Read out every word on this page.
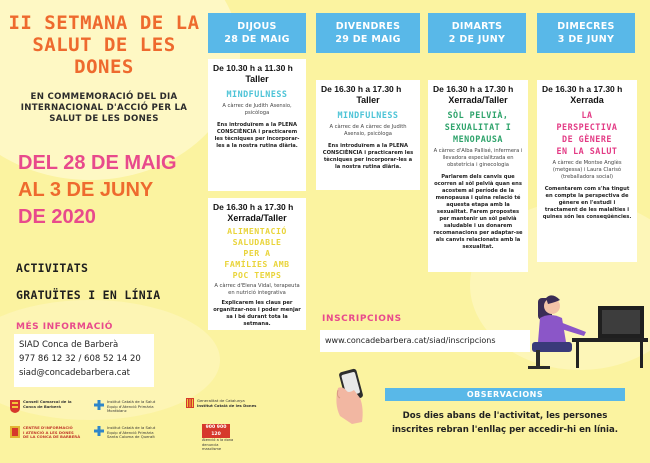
II SETMANA DE LA SALUT DE LES DONES
EN COMMEMORACIÓ DEL DIA INTERNACIONAL D'ACCIÓ PER LA SALUT DE LES DONES
DEL 28 DE MAIG
AL 3 DE JUNY
DE 2020
ACTIVITATS
GRATUÏTES I EN LÍNIA
MÉS INFORMACIÓ
SIAD Conca de Barberà
977 86 12 32 / 608 52 14 20
siad@concadebarbera.cat
DIJOUS
28 DE MAIG
DIVENDRES
29 DE MAIG
DIMARTS
2 DE JUNY
DIMECRES
3 DE JUNY
De 10.30 h a 11.30 h
Taller
MINDFULNESS
A càrrec de Judith Asensio, psicòloga
Ens introduïrem a la PLENA CONSCIÈNCIA i practicarem les tècniques per incorporar-les a la nostra rutina diària.
De 16.30 h a 17.30 h
Xerrada/Taller
ALIMENTACIÓ
SALUDABLE
PER A
FAMÍLIES AMB
POC TEMPS
A càrrec d'Elena Vidal, terapeuta en nutrició integrativa
Explicarem les claus per organitzar-nos i poder menjar sa i bé durant tota la setmana.
De 16.30 h a 17.30 h
Taller
MINDFULNESS
A càrrec de A càrrec de Judith Asensio, psicòloga
Ens introduïrem a la PLENA CONSCIÈNCIA i practicarem les tècniques per incorporar-les a la nostra rutina diària.
De 16.30 h a 17.30 h
Xerrada/Taller
SÒL PELVIÀ,
SEXUALITAT I
MENOPAUSA
A càrrec d'Alba Pallisé, infermera i llevadora especialitzada en obstetrícia i ginecologia
Parlarem dels canvis que ocorren al sòl pelvià quan ens acostem al període de la menopausa i quina relació té aquesta etapa amb la sexualitat. Farem propostes per mantenir un sòl pelvià saludable i us donarem recomanacions per adaptar-se als canvis relacionats amb la sexualitat.
De 16.30 h a 17.30 h
Xerrada
LA
PERSPECTIVA
DE GÈNERE
EN LA SALUT
A càrrec de Montse Anglès (metgessa) i Laura Clarisó (treballadora social)
Comentarem com s'ha tingut en compte la perspectiva de gènere en l'estudi i tractament de les malalties i quines són les conseqüències.
INSCRIPCIONS
www.concadebarbera.cat/siad/inscripcions
OBSERVACIONS
Dos dies abans de l'activitat, les persones inscrites rebran l'enllaç per accedir-hi en línia.
Consell Comarcal de la Conca de Barberà
Institut Català de la Salut
Equip d'Atenció Primària
Montblanc
Generalitat de Catalunya
Institut Català de les Dones
CENTRE D'INFORMACIÓ
I ATENCIÓ A LES DONES
DE LA CONCA DE BARBERÀ
Institut Català de la Salut
Equip d'Atenció Primària
Santa Coloma de Queralt
900 900 120
Atenció a la dona
denuncia
masclisme
